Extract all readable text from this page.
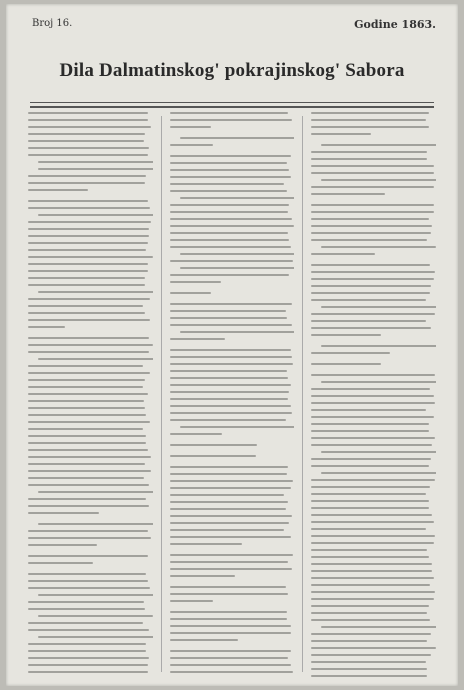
Broj 16.	Godine 1863.
Dila Dalmatinskog' pokrajinskog' Sabora
